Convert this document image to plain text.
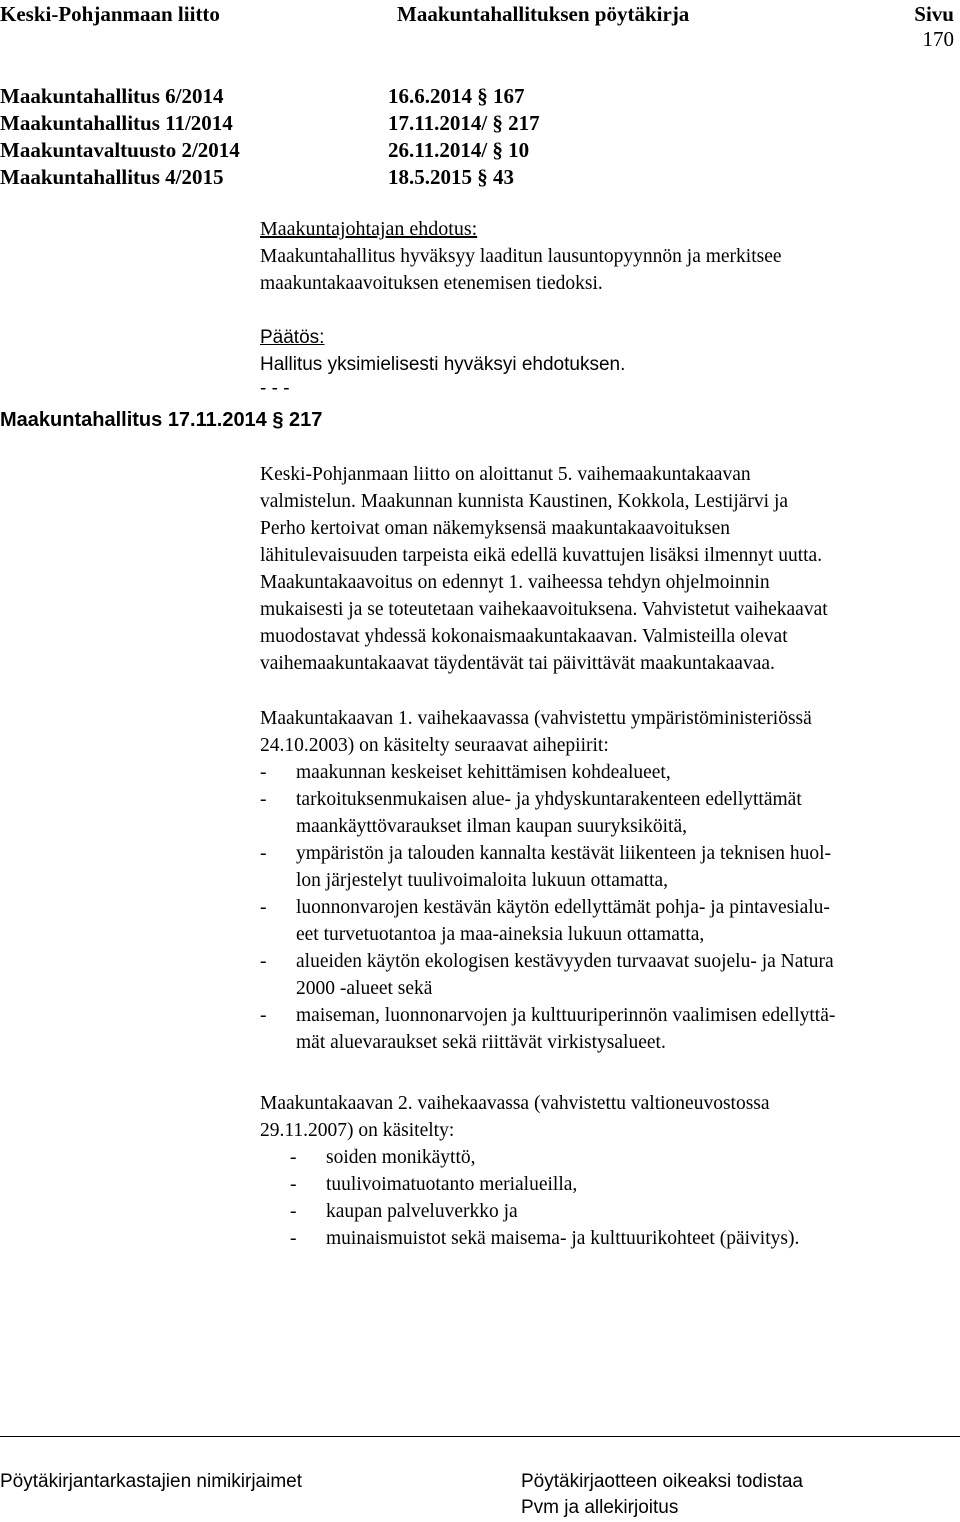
Keski-Pohjanmaan liitto	Maakuntahallituksen pöytäkirja	Sivu
170
Maakuntahallitus 6/2014	16.6.2014 § 167
Maakuntahallitus 11/2014	17.11.2014/ § 217
Maakuntavaltuusto 2/2014	26.11.2014/ § 10
Maakuntahallitus 4/2015	18.5.2015 § 43
Maakuntajohtajan ehdotus:
Maakuntahallitus hyväksyy laaditun lausuntopyynnön ja merkitsee
maakuntakaavoituksen etenemisen tiedoksi.
Päätös:
Hallitus yksimielisesti hyväksyi ehdotuksen.
- - -
Maakuntahallitus 17.11.2014 § 217
Keski-Pohjanmaan liitto on aloittanut 5. vaihemaakuntakaavan
valmistelun. Maakunnan kunnista Kaustinen, Kokkola, Lestijärvi ja
Perho kertoivat oman näkemyksensä maakuntakaavoituksen
lähitulevaisuuden tarpeista eikä edellä kuvattujen lisäksi ilmennyt uutta.
Maakuntakaavoitus on edennyt 1. vaiheessa tehdyn ohjelmoinnin
mukaisesti ja se toteutetaan vaihekaavoituksena. Vahvistetut vaihekaavat
muodostavat yhdessä kokonaismaakuntakaavan. Valmisteilla olevat
vaihemaakuntakaavat täydentävät tai päivittävät maakuntakaavaa.
Maakuntakaavan 1. vaihekaavassa (vahvistettu ympäristöministeriössä
24.10.2003) on käsitelty seuraavat aihepiirit:
- maakunnan keskeiset kehittämisen kohdealueet,
- tarkoituksenmukaisen alue- ja yhdyskuntarakenteen edellyttämät
maankäyttövaraukset ilman kaupan suuryksiköitä,
- ympäristön ja talouden kannalta kestävät liikenteen ja teknisen huol-
lon järjestelyt tuulivoimaloita lukuun ottamatta,
- luonnonvarojen kestävän käytön edellyttämät pohja- ja pintavesialu-
eet turvetuotantoa ja maa-aineksia lukuun ottamatta,
- alueiden käytön ekologisen kestävyyden turvaavat suojelu- ja Natura
2000 -alueet sekä
- maiseman, luonnonarvojen ja kulttuuriperinnön vaalimisen edellyttä-
mät aluevaraukset sekä riittävät virkistysalueet.
Maakuntakaavan 2. vaihekaavassa (vahvistettu valtioneuvostossa
29.11.2007) on käsitelty:
- soiden monikäyttö,
- tuulivoimatuotanto merialueilla,
- kaupan palveluverkko ja
- muinaismuistot sekä maisema- ja kulttuurikohteet (päivitys).
Pöytäkirjantarkastajien nimikirjaimet	Pöytäkirjaotteen oikeaksi todistaa
Pvm ja allekirjoitus
